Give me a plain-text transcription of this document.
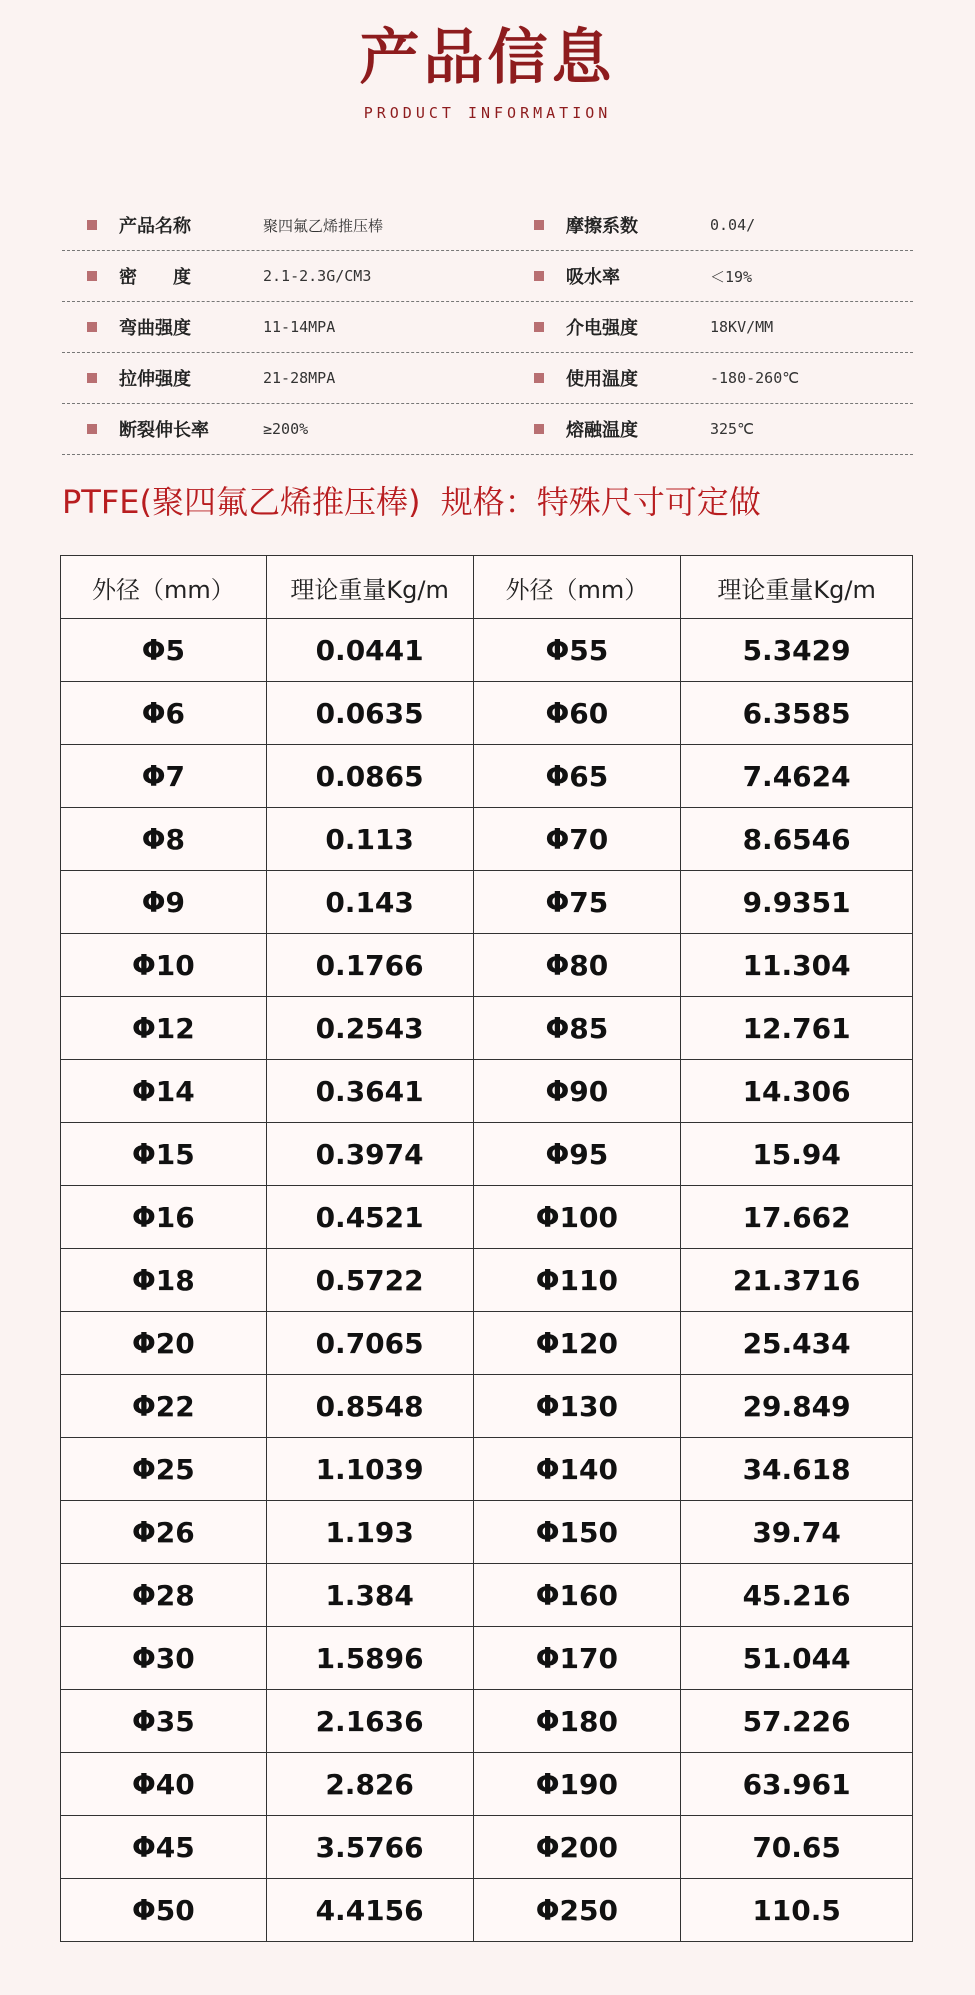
产品信息
PRODUCT INFORMATION
产品名称	聚四氟乙烯推压棒	摩擦系数	0.04/
密　　度	2.1-2.3G/CM3	吸水率	＜19%
弯曲强度	11-14MPA	介电强度	18KV/MM
拉伸强度	21-28MPA	使用温度	-180-260℃
断裂伸长率	≥200%	熔融温度	325℃
PTFE(聚四氟乙烯推压棒)  规格：特殊尺寸可定做
外径（mm）	理论重量Kg/m	外径（mm）	理论重量Kg/m
Φ5	0.0441	Φ55	5.3429
Φ6	0.0635	Φ60	6.3585
Φ7	0.0865	Φ65	7.4624
Φ8	0.113	Φ70	8.6546
Φ9	0.143	Φ75	9.9351
Φ10	0.1766	Φ80	11.304
Φ12	0.2543	Φ85	12.761
Φ14	0.3641	Φ90	14.306
Φ15	0.3974	Φ95	15.94
Φ16	0.4521	Φ100	17.662
Φ18	0.5722	Φ110	21.3716
Φ20	0.7065	Φ120	25.434
Φ22	0.8548	Φ130	29.849
Φ25	1.1039	Φ140	34.618
Φ26	1.193	Φ150	39.74
Φ28	1.384	Φ160	45.216
Φ30	1.5896	Φ170	51.044
Φ35	2.1636	Φ180	57.226
Φ40	2.826	Φ190	63.961
Φ45	3.5766	Φ200	70.65
Φ50	4.4156	Φ250	110.5
